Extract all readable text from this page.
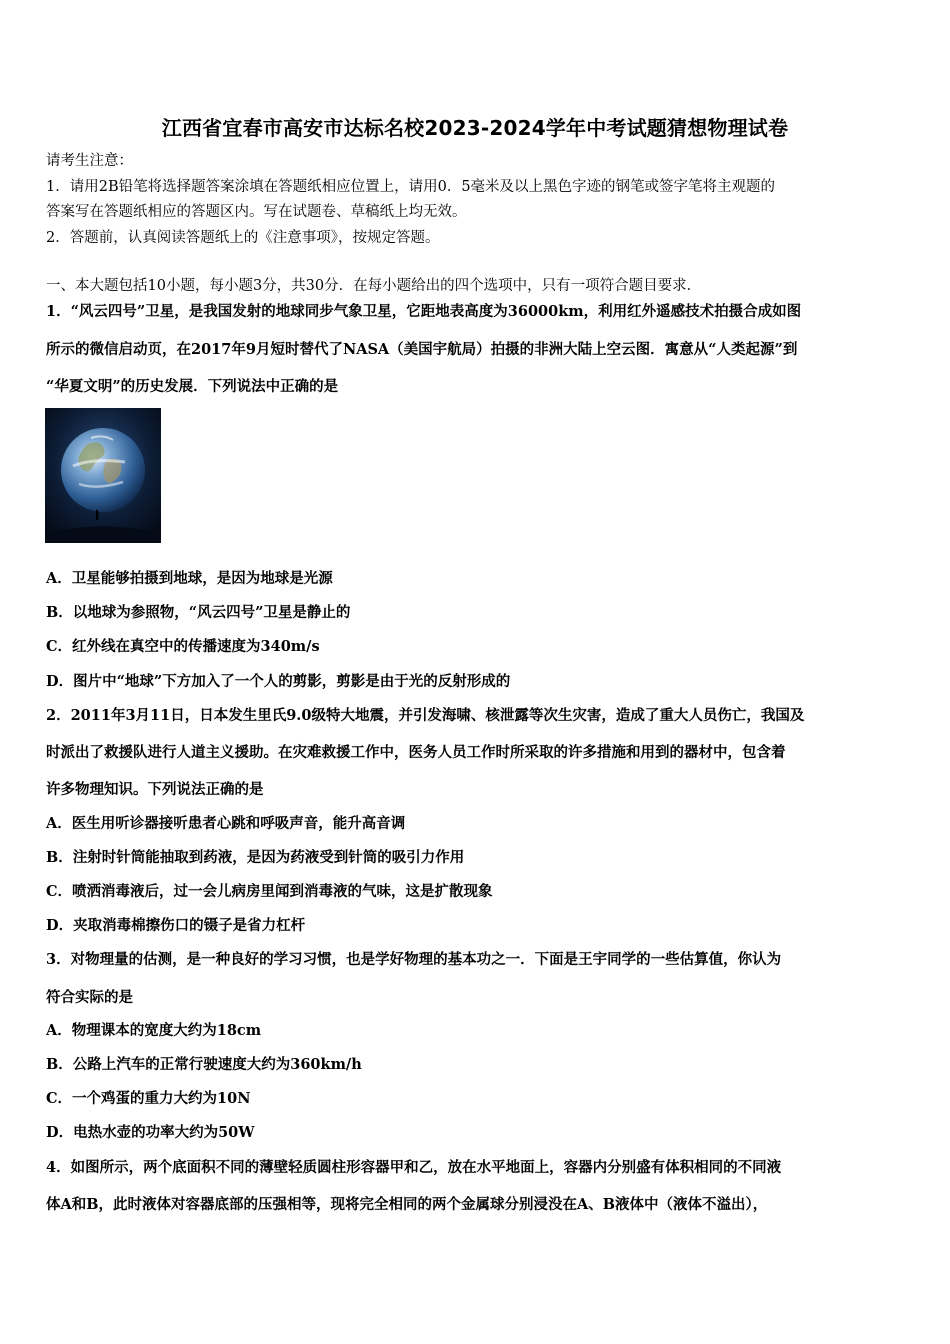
江西省宜春市高安市达标名校2023-2024学年中考试题猜想物理试卷
请考生注意：
1．请用2B铅笔将选择题答案涂填在答题纸相应位置上，请用0．5毫米及以上黑色字迹的钢笔或签字笔将主观题的
答案写在答题纸相应的答题区内。写在试题卷、草稿纸上均无效。
2．答题前，认真阅读答题纸上的《注意事项》，按规定答题。
一、本大题包括10小题，每小题3分，共30分．在每小题给出的四个选项中，只有一项符合题目要求．
1．“风云四号”卫星，是我国发射的地球同步气象卫星，它距地表高度为36000km，利用红外遥感技术拍摄合成如图
所示的微信启动页，在2017年9月短时替代了NASA（美国宇航局）拍摄的非洲大陆上空云图．寓意从“人类起源”到
“华夏文明”的历史发展．下列说法中正确的是
A．卫星能够拍摄到地球，是因为地球是光源
B．以地球为参照物，“风云四号”卫星是静止的
C．红外线在真空中的传播速度为340m/s
D．图片中“地球”下方加入了一个人的剪影，剪影是由于光的反射形成的
2．2011年3月11日，日本发生里氏9.0级特大地震，并引发海啸、核泄露等次生灾害，造成了重大人员伤亡，我国及
时派出了救援队进行人道主义援助。在灾难救援工作中，医务人员工作时所采取的许多措施和用到的器材中，包含着
许多物理知识。下列说法正确的是
A．医生用听诊器接听患者心跳和呼吸声音，能升高音调
B．注射时针筒能抽取到药液，是因为药液受到针筒的吸引力作用
C．喷洒消毒液后，过一会儿病房里闻到消毒液的气味，这是扩散现象
D．夹取消毒棉擦伤口的镊子是省力杠杆
3．对物理量的估测，是一种良好的学习习惯，也是学好物理的基本功之一．下面是王宇同学的一些估算值，你认为
符合实际的是
A．物理课本的宽度大约为18cm
B．公路上汽车的正常行驶速度大约为360km/h
C．一个鸡蛋的重力大约为10N
D．电热水壶的功率大约为50W
4．如图所示，两个底面积不同的薄壁轻质圆柱形容器甲和乙，放在水平地面上，容器内分别盛有体积相同的不同液
体A和B，此时液体对容器底部的压强相等，现将完全相同的两个金属球分别浸没在A、B液体中（液体不溢出），
